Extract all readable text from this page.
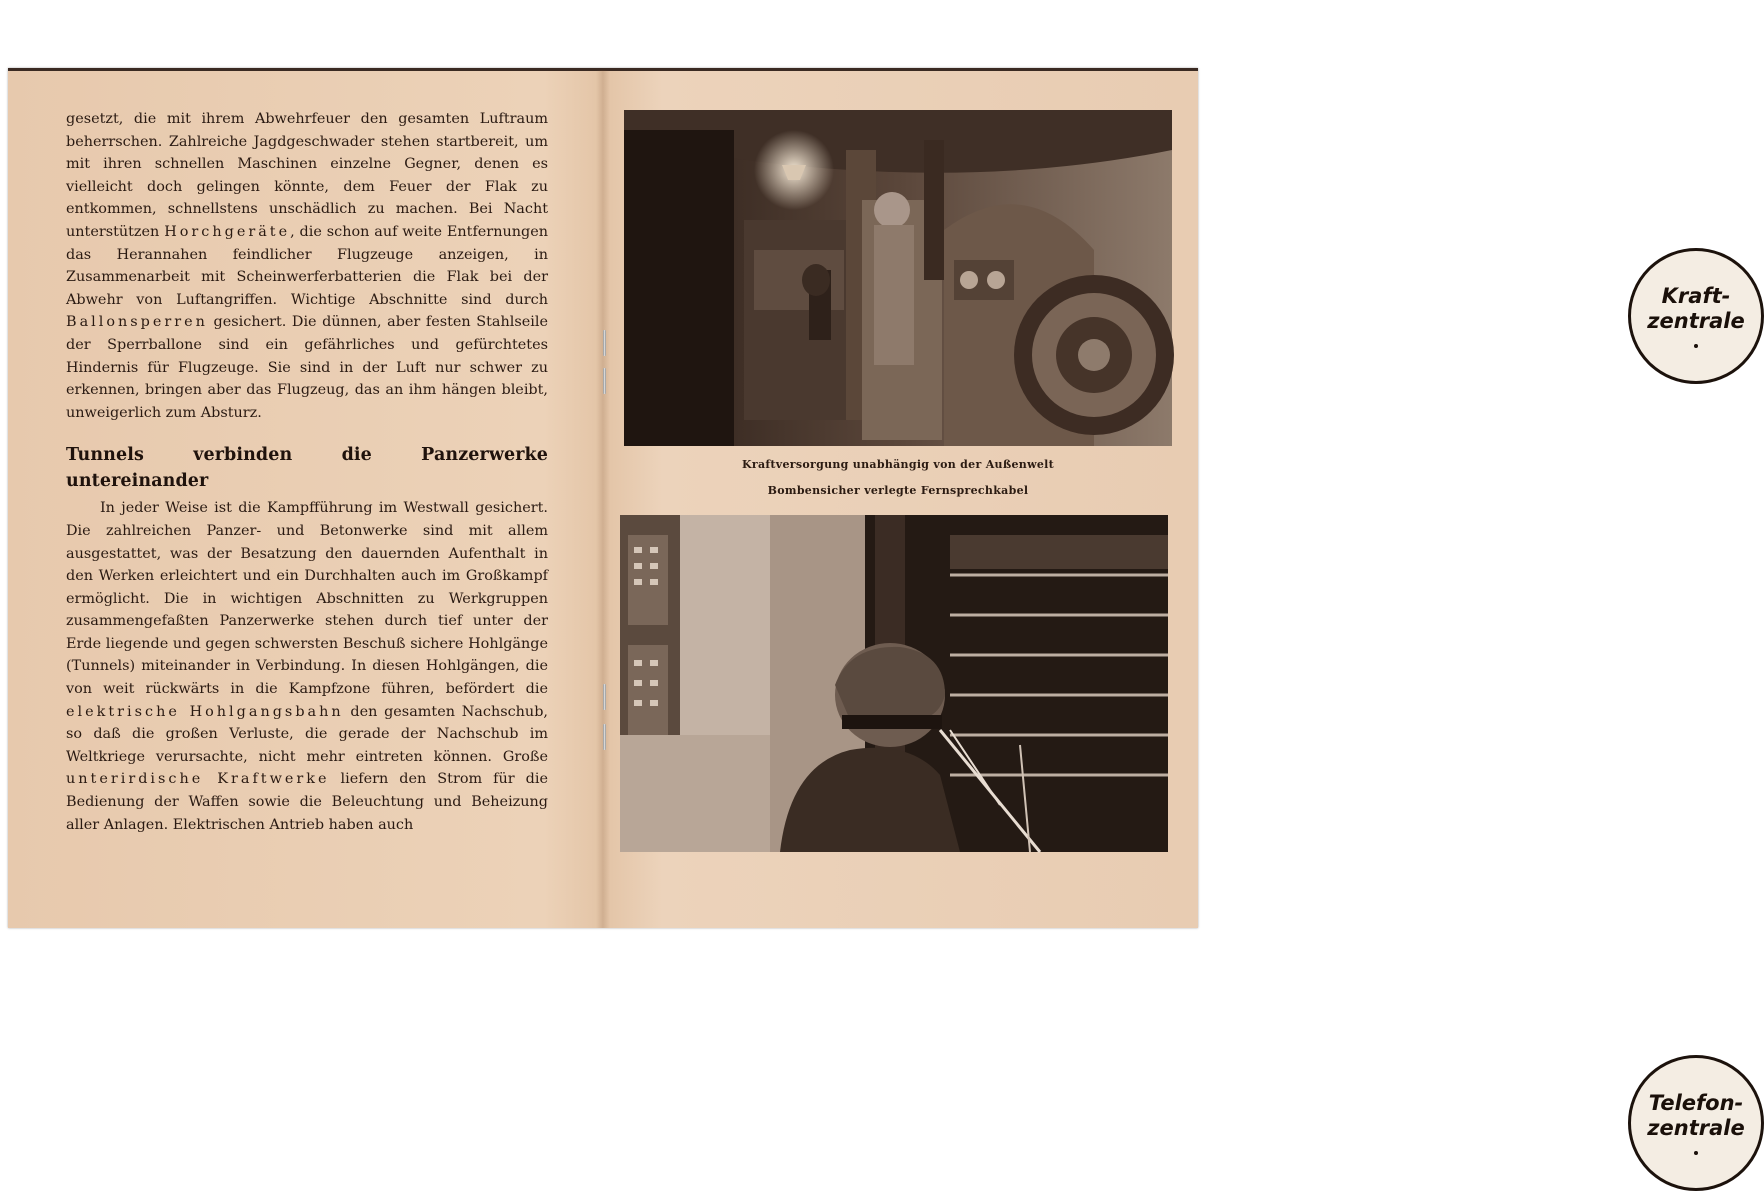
gesetzt, die mit ihrem Abwehrfeuer den gesamten Luftraum beherrschen. Zahlreiche Jagdgeschwader stehen startbereit, um mit ihren schnellen Maschinen einzelne Gegner, denen es vielleicht doch gelingen könnte, dem Feuer der Flak zu entkommen, schnellstens unschädlich zu machen. Bei Nacht unterstützen Horchgeräte, die schon auf weite Entfernungen das Herannahen feindlicher Flugzeuge anzeigen, in Zusammenarbeit mit Scheinwerferbatterien die Flak bei der Abwehr von Luftangriffen. Wichtige Abschnitte sind durch Ballonsperren gesichert. Die dünnen, aber festen Stahlseile der Sperrballone sind ein gefährliches und gefürchtetes Hindernis für Flugzeuge. Sie sind in der Luft nur schwer zu erkennen, bringen aber das Flugzeug, das an ihm hängen bleibt, unweigerlich zum Absturz.

Tunnels verbinden die Panzerwerke untereinander

In jeder Weise ist die Kampfführung im Westwall gesichert. Die zahlreichen Panzer- und Betonwerke sind mit allem ausgestattet, was der Besatzung den dauernden Aufenthalt in den Werken erleichtert und ein Durchhalten auch im Großkampf ermöglicht. Die in wichtigen Abschnitten zu Werkgruppen zusammengefaßten Panzerwerke stehen durch tief unter der Erde liegende und gegen schwersten Beschuß sichere Hohlgänge (Tunnels) miteinander in Verbindung. In diesen Hohlgängen, die von weit rückwärts in die Kampfzone führen, befördert die elektrische Hohlgangsbahn den gesamten Nachschub, so daß die großen Verluste, die gerade der Nachschub im Weltkriege verursachte, nicht mehr eintreten können. Große unterirdische Kraftwerke liefern den Strom für die Bedienung der Waffen sowie die Beleuchtung und Beheizung aller Anlagen. Elektrischen Antrieb haben auch

Kraft-
zentrale
Kraftversorgung unabhängig von der Außenwelt
Bombensicher verlegte Fernsprechkabel
Telefon-
zentrale
